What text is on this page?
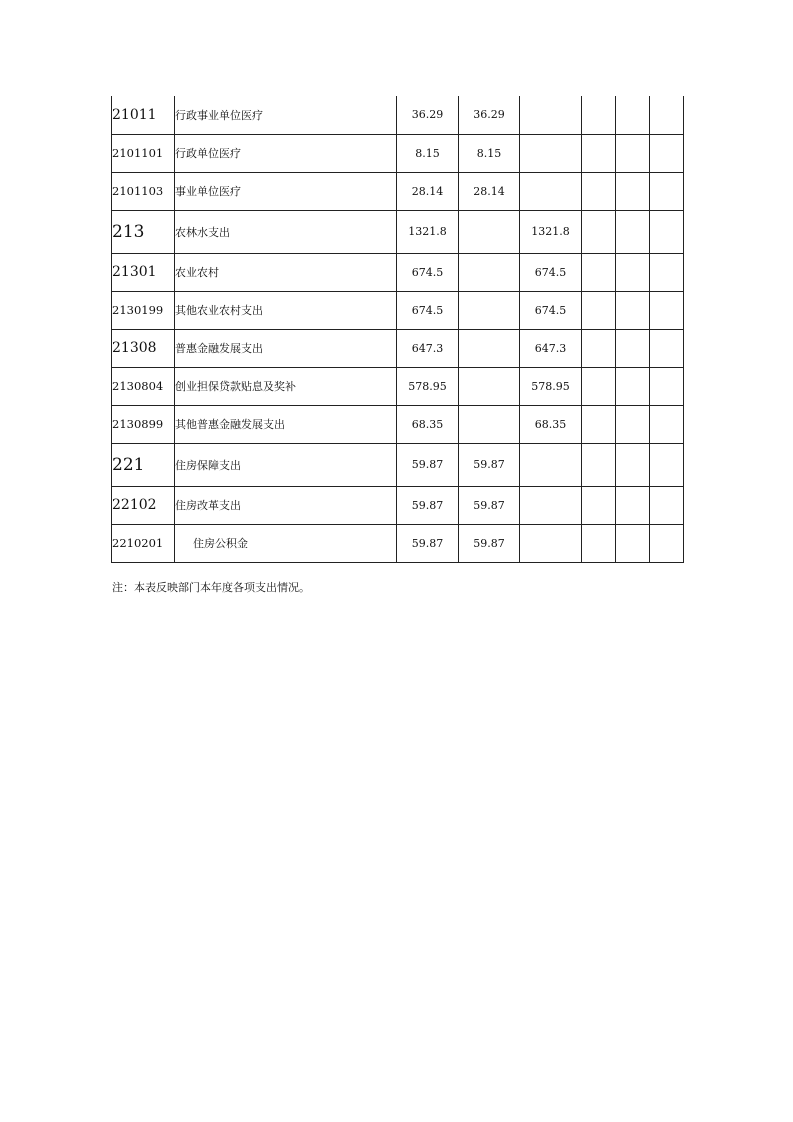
21011	行政事业单位医疗	36.29	36.29				
2101101	行政单位医疗	8.15	8.15				
2101103	事业单位医疗	28.14	28.14				
213	农林水支出	1321.8		1321.8			
21301	农业农村	674.5		674.5			
2130199	其他农业农村支出	674.5		674.5			
21308	普惠金融发展支出	647.3		647.3			
2130804	创业担保贷款贴息及奖补	578.95		578.95			
2130899	其他普惠金融发展支出	68.35		68.35			
221	住房保障支出	59.87	59.87				
22102	住房改革支出	59.87	59.87				
2210201	住房公积金	59.87	59.87				
注：本表反映部门本年度各项支出情况。
